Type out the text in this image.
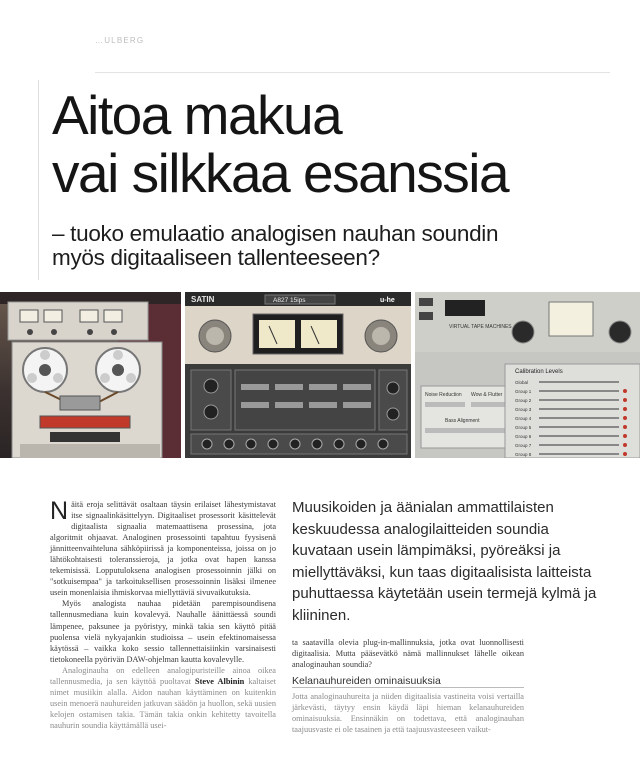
…ULBERG
Aitoa makua
vai silkkaa esanssia
– tuoko emulaatio analogisen nauhan soundin
myös digitaaliseen tallenteeseen?
SATIN	A827 15ips	u-he
VIRTUAL TAPE MACHINES
Noise Reduction Wow & Flutter
Bass Alignment
Calibration Levels
Global
Group 1
Group 2
Group 3
Group 4
Group 5
Group 6
Group 7
Group 8
N äitä eroja selittävät osaltaan täysin erilaiset lähestymistavat itse signaalinkäsittelyyn. Digitaaliset prosessorit käsittelevät digitaalista signaalia matemaattisena prosessina, jota algoritmit ohjaavat. Analoginen prosessointi tapahtuu fyysisenä jännitteenvaihteluna sähköpiirissä ja komponenteissa, joissa on jo lähtökohtaisesti toleranssieroja, ja jotka ovat hapen kanssa tekemisissä. Lopputuloksena analogisen prosessoinnin jälki on "sotkuisempaa" ja tarkoituksellisen prosessoinnin lisäksi ilmenee usein monenlaisia ihmiskorvaa miellyttäviä sivuvaikutuksia.

Myös analogista nauhaa pidetään parempisoundisena tallennusmediana kuin kovalevyä. Nauhalle äänittäessä soundi lämpenee, paksunee ja pyöristyy, minkä takia sen käyttö pitää puolensa vielä nykyajankin studioissa – usein efektinomaisessa käytössä – vaikka koko sessio tallennettaisiinkin varsinaisesti tietokoneella pyörivän DAW-ohjelman kautta kovalevylle.

Analoginauha on edelleen analogipuristeille ainoa oikea tallennusmedia, ja sen käyttöä puoltavat Steve Albinin kaltaiset nimet musiikin alalla. Aidon nauhan käyttäminen on kuitenkin usein menoerä nauhureiden jatkuvan säädön ja huollon, sekä uusien kelojen ostamisen takia. Tämän takia onkin kehitetty tavoitella nauhurin soundia käyttämällä usei-

Muusikoiden ja äänialan ammattilaisten keskuudessa analogilaitteiden soundia kuvataan usein lämpimäksi, pyöreäksi ja miellyttäväksi, kun taas digitaalisista laitteista puhuttaessa käytetään usein termejä kylmä ja kliininen.

ta saatavilla olevia plug-in-mallinnuksia, jotka ovat luonnollisesti digitaalisia. Mutta pääsevätkö nämä mallinnukset lähelle oikean analoginauhan soundia?

Kelanauhureiden ominaisuuksia

Jotta analoginauhureita ja niiden digitaalisia vastineita voisi vertailla järkevästi, täytyy ensin käydä läpi hieman kelanauhureiden ominaisuuksia. Ensinnäkin on todettava, että analoginauhan taajuusvaste ei ole tasainen ja että taajuusvasteeseen vaikut-
